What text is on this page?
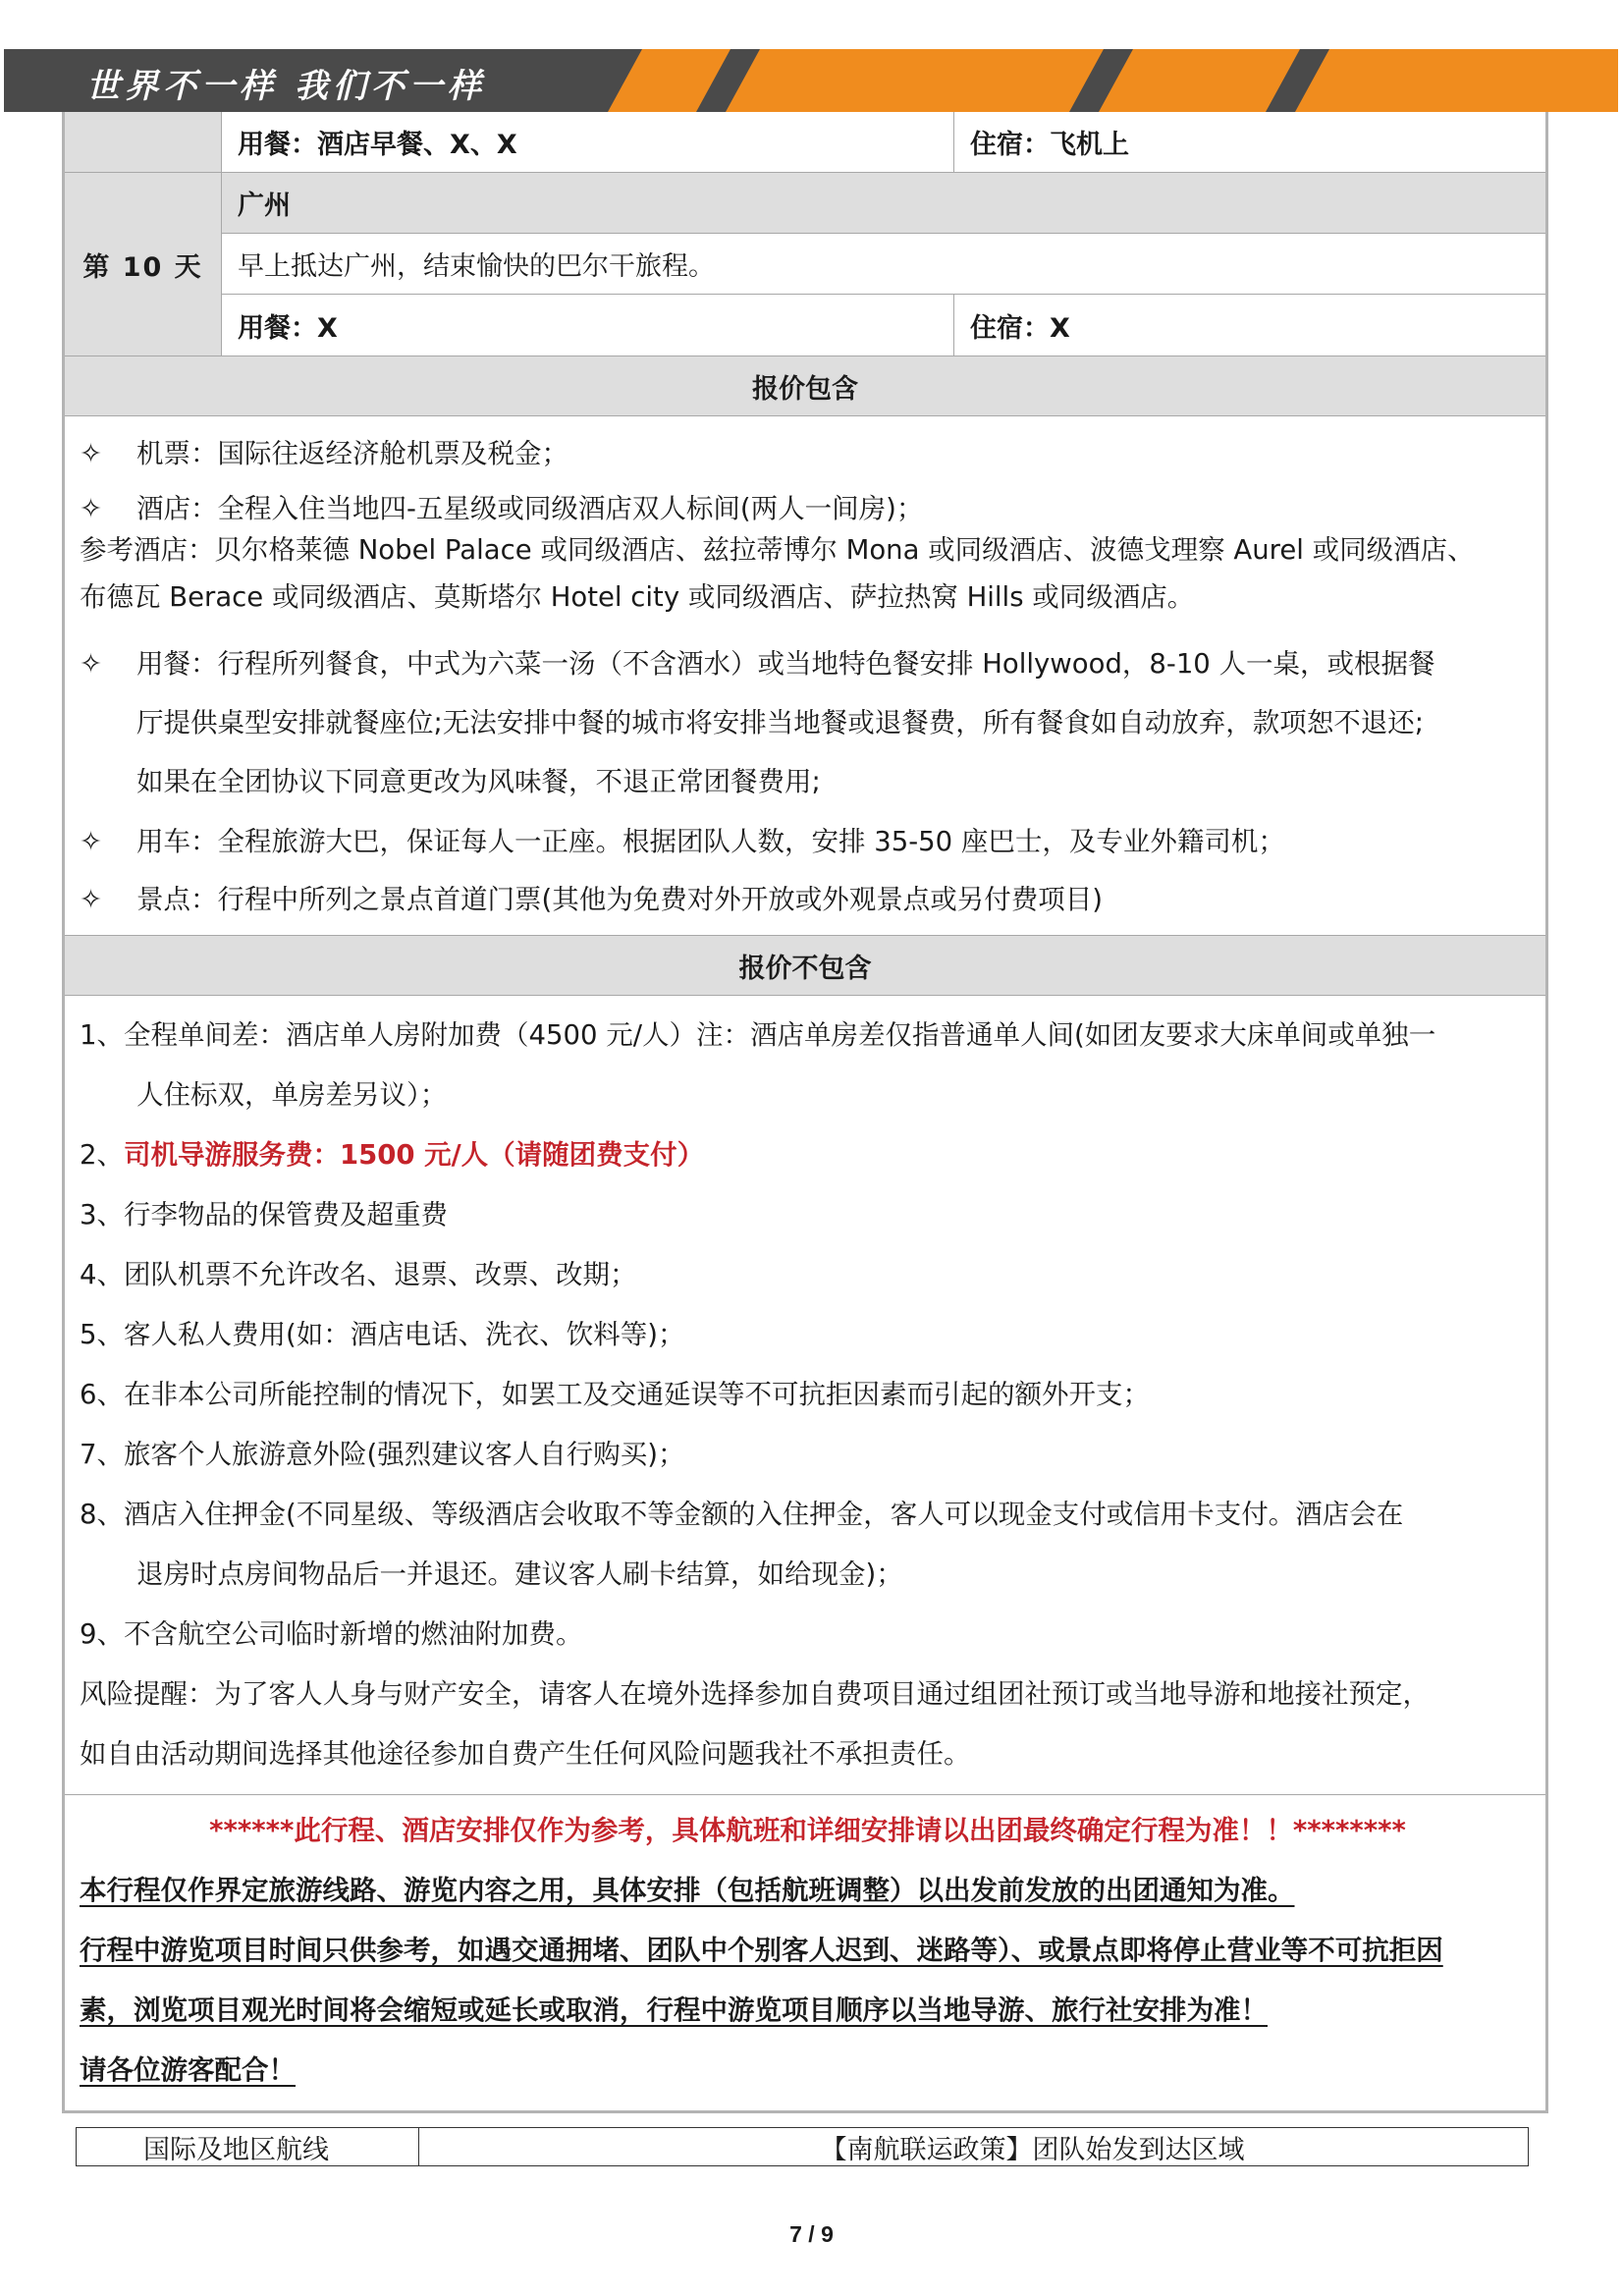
世界不一样 我们不一样
用餐：酒店早餐、X、X	住宿：飞机上
第 10 天
广州
早上抵达广州，结束愉快的巴尔干旅程。
用餐：X	住宿：X
报价包含
✧ 机票：国际往返经济舱机票及税金；
✧ 酒店：全程入住当地四-五星级或同级酒店双人标间(两人一间房)；
参考酒店：贝尔格莱德 Nobel Palace 或同级酒店、兹拉蒂博尔 Mona 或同级酒店、波德戈理察 Aurel 或同级酒店、
布德瓦 Berace 或同级酒店、莫斯塔尔 Hotel city 或同级酒店、萨拉热窝 Hills 或同级酒店。
✧	用餐：行程所列餐食，中式为六菜一汤（不含酒水）或当地特色餐安排 Hollywood，8-10 人一桌，或根据餐
厅提供桌型安排就餐座位;无法安排中餐的城市将安排当地餐或退餐费，所有餐食如自动放弃，款项恕不退还;
如果在全团协议下同意更改为风味餐，不退正常团餐费用;
✧ 用车：全程旅游大巴，保证每人一正座。根据团队人数，安排 35-50 座巴士，及专业外籍司机；
✧ 景点：行程中所列之景点首道门票(其他为免费对外开放或外观景点或另付费项目)
报价不包含
1、全程单间差：酒店单人房附加费（4500 元/人）注：酒店单房差仅指普通单人间(如团友要求大床单间或单独一
人住标双，单房差另议）；
2、司机导游服务费：1500 元/人（请随团费支付）
3、行李物品的保管费及超重费
4、团队机票不允许改名、退票、改票、改期；
5、客人私人费用(如：酒店电话、洗衣、饮料等)；
6、在非本公司所能控制的情况下，如罢工及交通延误等不可抗拒因素而引起的额外开支；
7、旅客个人旅游意外险(强烈建议客人自行购买)；
8、酒店入住押金(不同星级、等级酒店会收取不等金额的入住押金，客人可以现金支付或信用卡支付。酒店会在
退房时点房间物品后一并退还。建议客人刷卡结算，如给现金)；
9、不含航空公司临时新增的燃油附加费。
风险提醒：为了客人人身与财产安全，请客人在境外选择参加自费项目通过组团社预订或当地导游和地接社预定，
如自由活动期间选择其他途径参加自费产生任何风险问题我社不承担责任。
******此行程、酒店安排仅作为参考，具体航班和详细安排请以出团最终确定行程为准！！********
本行程仅作界定旅游线路、游览内容之用，具体安排（包括航班调整）以出发前发放的出团通知为准。
行程中游览项目时间只供参考，如遇交通拥堵、团队中个别客人迟到、迷路等）、或景点即将停止营业等不可抗拒因
素，浏览项目观光时间将会缩短或延长或取消，行程中游览项目顺序以当地导游、旅行社安排为准！
请各位游客配合！
国际及地区航线	【南航联运政策】团队始发到达区域
7 / 9
